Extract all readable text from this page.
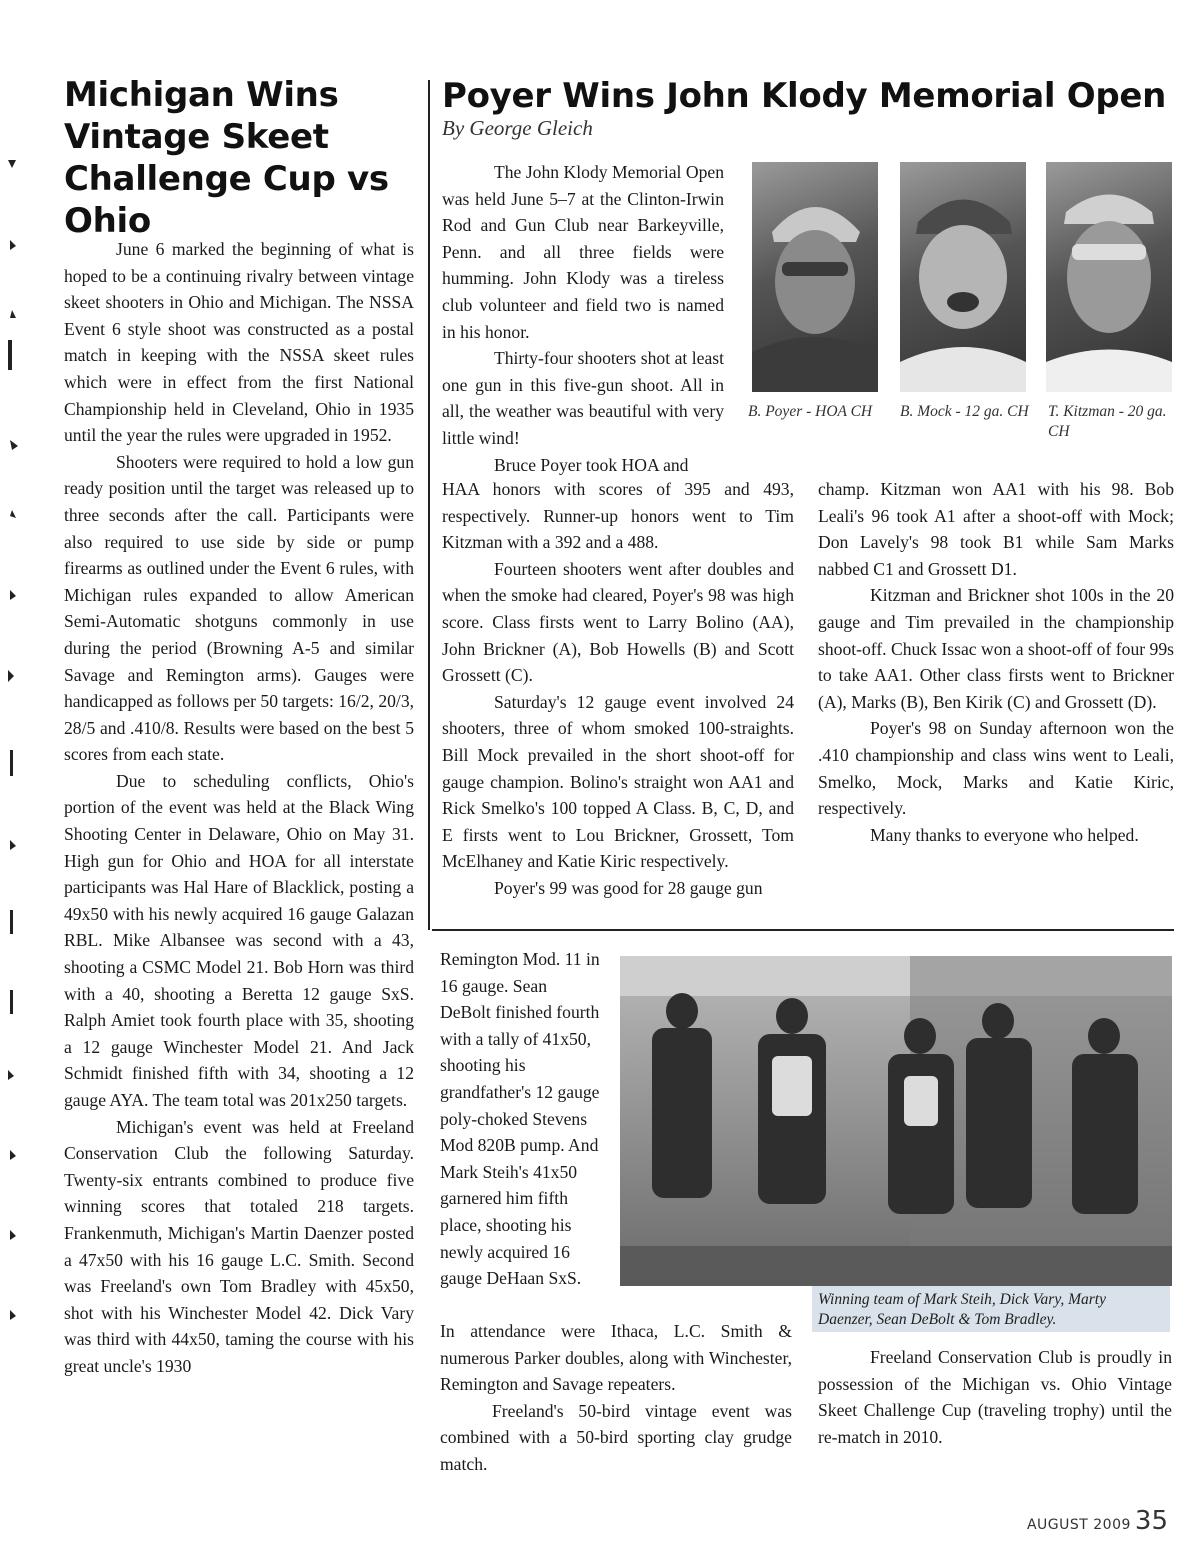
Michigan Wins Vintage Skeet Challenge Cup vs Ohio

June 6 marked the beginning of what is hoped to be a continuing rivalry between vintage skeet shooters in Ohio and Michigan. The NSSA Event 6 style shoot was constructed as a postal match in keeping with the NSSA skeet rules which were in effect from the first National Championship held in Cleveland, Ohio in 1935 until the year the rules were upgraded in 1952.

Shooters were required to hold a low gun ready position until the target was released up to three seconds after the call. Participants were also required to use side by side or pump firearms as outlined under the Event 6 rules, with Michigan rules expanded to allow American Semi-Automatic shotguns commonly in use during the period (Browning A-5 and similar Savage and Remington arms). Gauges were handicapped as follows per 50 targets: 16/2, 20/3, 28/5 and .410/8. Results were based on the best 5 scores from each state.

Due to scheduling conflicts, Ohio's portion of the event was held at the Black Wing Shooting Center in Delaware, Ohio on May 31. High gun for Ohio and HOA for all interstate participants was Hal Hare of Blacklick, posting a 49x50 with his newly acquired 16 gauge Galazan RBL. Mike Albansee was second with a 43, shooting a CSMC Model 21. Bob Horn was third with a 40, shooting a Beretta 12 gauge SxS. Ralph Amiet took fourth place with 35, shooting a 12 gauge Winchester Model 21. And Jack Schmidt finished fifth with 34, shooting a 12 gauge AYA. The team total was 201x250 targets.

Michigan's event was held at Freeland Conservation Club the following Saturday. Twenty-six entrants combined to produce five winning scores that totaled 218 targets. Frankenmuth, Michigan's Martin Daenzer posted a 47x50 with his 16 gauge L.C. Smith. Second was Freeland's own Tom Bradley with 45x50, shot with his Winchester Model 42. Dick Vary was third with 44x50, taming the course with his great uncle's 1930

Poyer Wins John Klody Memorial Open
By George Gleich

The John Klody Memorial Open was held June 5–7 at the Clinton-Irwin Rod and Gun Club near Barkeyville, Penn. and all three fields were humming. John Klody was a tireless club volunteer and field two is named in his honor.

Thirty-four shooters shot at least one gun in this five-gun shoot. All in all, the weather was beautiful with very little wind!

Bruce Poyer took HOA and

HAA honors with scores of 395 and 493, respectively. Runner-up honors went to Tim Kitzman with a 392 and a 488.

Fourteen shooters went after doubles and when the smoke had cleared, Poyer's 98 was high score. Class firsts went to Larry Bolino (AA), John Brickner (A), Bob Howells (B) and Scott Grossett (C).

Saturday's 12 gauge event involved 24 shooters, three of whom smoked 100-straights. Bill Mock prevailed in the short shoot-off for gauge champion. Bolino's straight won AA1 and Rick Smelko's 100 topped A Class. B, C, D, and E firsts went to Lou Brickner, Grossett, Tom McElhaney and Katie Kiric respectively.

Poyer's 99 was good for 28 gauge gun

champ. Kitzman won AA1 with his 98. Bob Leali's 96 took A1 after a shoot-off with Mock; Don Lavely's 98 took B1 while Sam Marks nabbed C1 and Grossett D1.

Kitzman and Brickner shot 100s in the 20 gauge and Tim prevailed in the championship shoot-off. Chuck Issac won a shoot-off of four 99s to take AA1. Other class firsts went to Brickner (A), Marks (B), Ben Kirik (C) and Grossett (D).

Poyer's 98 on Sunday afternoon won the .410 championship and class wins went to Leali, Smelko, Mock, Marks and Katie Kiric, respectively.

Many thanks to everyone who helped.

B. Poyer - HOA CH	B. Mock - 12 ga. CH T. Kitzman - 20 ga. CH

Remington Mod. 11 in 16 gauge. Sean DeBolt finished fourth with a tally of 41x50, shooting his grandfather's 12 gauge poly-choked Stevens Mod 820B pump. And Mark Steih's 41x50 garnered him fifth place, shooting his newly acquired 16 gauge DeHaan SxS.

Winning team of Mark Steih, Dick Vary, Marty Daenzer, Sean DeBolt & Tom Bradley.

In attendance were Ithaca, L.C. Smith & numerous Parker doubles, along with Winchester, Remington and Savage repeaters.

Freeland's 50-bird vintage event was combined with a 50-bird sporting clay grudge match.

Freeland Conservation Club is proudly in possession of the Michigan vs. Ohio Vintage Skeet Challenge Cup (traveling trophy) until the re-match in 2010.

AUGUST 2009 35
